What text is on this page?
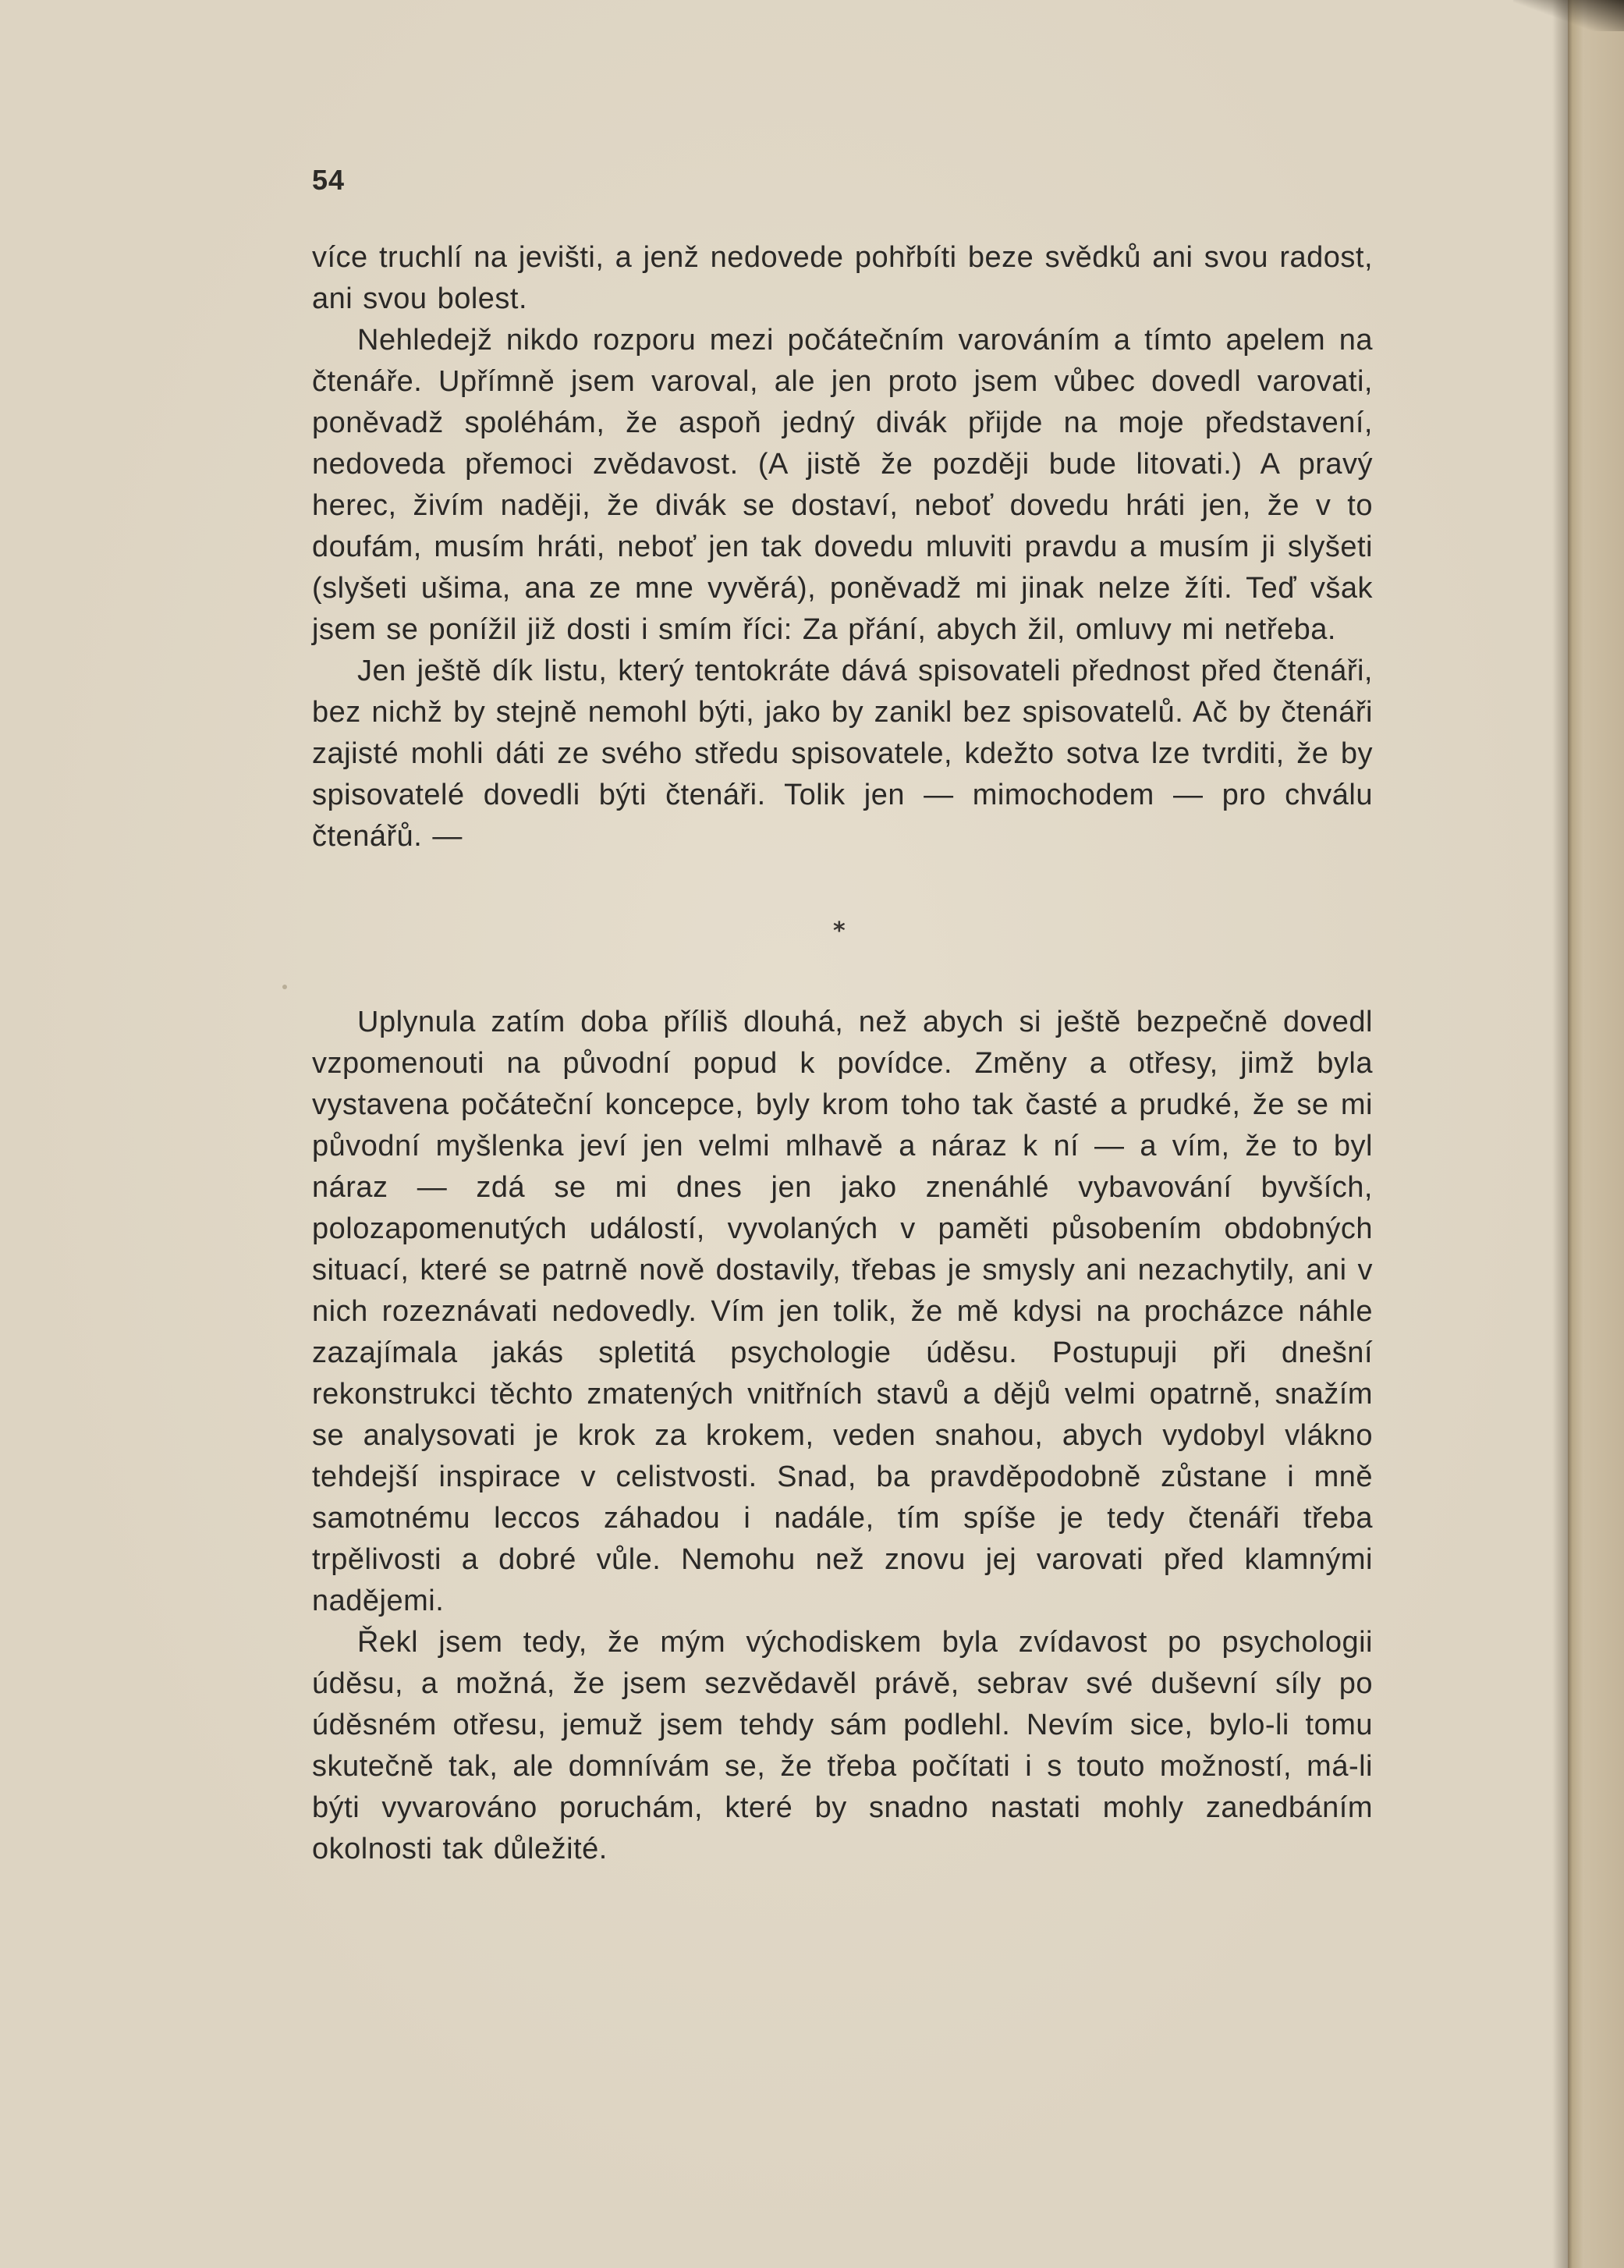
54

více truchlí na jevišti, a jenž nedovede pohřbíti beze svědků ani svou radost, ani svou bolest.

Nehledejž nikdo rozporu mezi počátečním varováním a tímto apelem na čtenáře. Upřímně jsem varoval, ale jen proto jsem vůbec dovedl varovati, poněvadž spoléhám, že aspoň jedný divák přijde na moje představení, nedoveda přemoci zvědavost. (A jistě že později bude litovati.) A pravý herec, živím naději, že divák se dostaví, neboť dovedu hráti jen, že v to doufám, musím hráti, neboť jen tak dovedu mluviti pravdu a musím ji slyšeti (slyšeti ušima, ana ze mne vyvěrá), poněvadž mi jinak nelze žíti. Teď však jsem se ponížil již dosti i smím říci: Za přání, abych žil, omluvy mi netřeba.

Jen ještě dík listu, který tentokráte dává spisovateli přednost před čtenáři, bez nichž by stejně nemohl býti, jako by zanikl bez spisovatelů. Ač by čtenáři zajisté mohli dáti ze svého středu spisovatele, kdežto sotva lze tvrditi, že by spisovatelé dovedli býti čtenáři. Tolik jen — mimochodem — pro chválu čtenářů. —

*

Uplynula zatím doba příliš dlouhá, než abych si ještě bezpečně dovedl vzpomenouti na původní popud k povídce. Změny a otřesy, jimž byla vystavena počáteční koncepce, byly krom toho tak časté a prudké, že se mi původní myšlenka jeví jen velmi mlhavě a náraz k ní — a vím, že to byl náraz — zdá se mi dnes jen jako znenáhlé vybavování byvších, polozapomenutých událostí, vyvolaných v paměti působením obdobných situací, které se patrně nově dostavily, třebas je smysly ani nezachytily, ani v nich rozeznávati nedovedly. Vím jen tolik, že mě kdysi na procházce náhle zazajímala jakás spletitá psychologie úděsu. Postupuji při dnešní rekonstrukci těchto zmatených vnitřních stavů a dějů velmi opatrně, snažím se analysovati je krok za krokem, veden snahou, abych vydobyl vlákno tehdejší inspirace v celistvosti. Snad, ba pravděpodobně zůstane i mně samotnému leccos záhadou i nadále, tím spíše je tedy čtenáři třeba trpělivosti a dobré vůle. Nemohu než znovu jej varovati před klamnými nadějemi.

Řekl jsem tedy, že mým východiskem byla zvídavost po psychologii úděsu, a možná, že jsem sezvědavěl právě, sebrav své duševní síly po úděsném otřesu, jemuž jsem tehdy sám podlehl. Nevím sice, bylo-li tomu skutečně tak, ale domnívám se, že třeba počítati i s touto možností, má-li býti vyvarováno poruchám, které by snadno nastati mohly zanedbáním okolnosti tak důležité.
